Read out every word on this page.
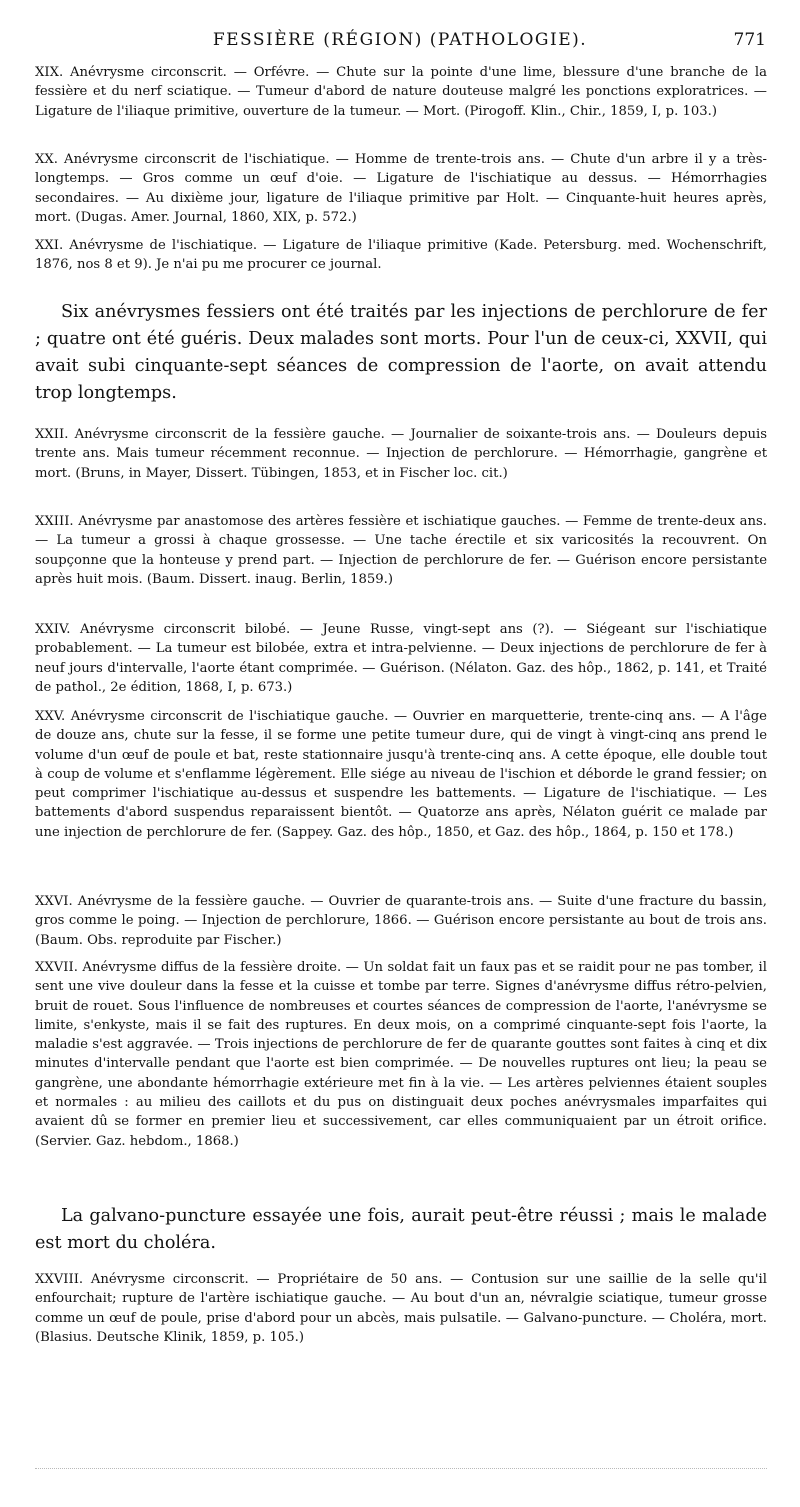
FESSIÈRE (RÉGION) (PATHOLOGIE).	771
XIX. Anévrysme circonscrit. — Orfévre. — Chute sur la pointe d'une lime, blessure d'une branche de la fessière et du nerf sciatique. — Tumeur d'abord de nature douteuse malgré les ponctions exploratrices. — Ligature de l'iliaque primitive, ouverture de la tumeur. — Mort. (Pirogoff. Klin., Chir., 1859, I, p. 103.)
XX. Anévrysme circonscrit de l'ischiatique. — Homme de trente-trois ans. — Chute d'un arbre il y a très-longtemps. — Gros comme un œuf d'oie. — Ligature de l'ischiatique au dessus. — Hémorrhagies secondaires. — Au dixième jour, ligature de l'iliaque primitive par Holt. — Cinquante-huit heures après, mort. (Dugas. Amer. Journal, 1860, XIX, p. 572.)
XXI. Anévrysme de l'ischiatique. — Ligature de l'iliaque primitive (Kade. Petersburg. med. Wochenschrift, 1876, nos 8 et 9). Je n'ai pu me procurer ce journal.
Six anévrysmes fessiers ont été traités par les injections de perchlorure de fer ; quatre ont été guéris. Deux malades sont morts. Pour l'un de ceux-ci, XXVII, qui avait subi cinquante-sept séances de compression de l'aorte, on avait attendu trop longtemps.
XXII. Anévrysme circonscrit de la fessière gauche. — Journalier de soixante-trois ans. — Douleurs depuis trente ans. Mais tumeur récemment reconnue. — Injection de perchlorure. — Hémorrhagie, gangrène et mort. (Bruns, in Mayer, Dissert. Tübingen, 1853, et in Fischer loc. cit.)
XXIII. Anévrysme par anastomose des artères fessière et ischiatique gauches. — Femme de trente-deux ans. — La tumeur a grossi à chaque grossesse. — Une tache érectile et six varicosités la recouvrent. On soupçonne que la honteuse y prend part. — Injection de perchlorure de fer. — Guérison encore persistante après huit mois. (Baum. Dissert. inaug. Berlin, 1859.)
XXIV. Anévrysme circonscrit bilobé. — Jeune Russe, vingt-sept ans (?). — Siégeant sur l'ischiatique probablement. — La tumeur est bilobée, extra et intra-pelvienne. — Deux injections de perchlorure de fer à neuf jours d'intervalle, l'aorte étant comprimée. — Guérison. (Nélaton. Gaz. des hôp., 1862, p. 141, et Traité de pathol., 2e édition, 1868, I, p. 673.)
XXV. Anévrysme circonscrit de l'ischiatique gauche. — Ouvrier en marquetterie, trente-cinq ans. — A l'âge de douze ans, chute sur la fesse, il se forme une petite tumeur dure, qui de vingt à vingt-cinq ans prend le volume d'un œuf de poule et bat, reste stationnaire jusqu'à trente-cinq ans. A cette époque, elle double tout à coup de volume et s'enflamme légèrement. Elle siége au niveau de l'ischion et déborde le grand fessier; on peut comprimer l'ischiatique au-dessus et suspendre les battements. — Ligature de l'ischiatique. — Les battements d'abord suspendus reparaissent bientôt. — Quatorze ans après, Nélaton guérit ce malade par une injection de perchlorure de fer. (Sappey. Gaz. des hôp., 1850, et Gaz. des hôp., 1864, p. 150 et 178.)
XXVI. Anévrysme de la fessière gauche. — Ouvrier de quarante-trois ans. — Suite d'une fracture du bassin, gros comme le poing. — Injection de perchlorure, 1866. — Guérison encore persistante au bout de trois ans. (Baum. Obs. reproduite par Fischer.)
XXVII. Anévrysme diffus de la fessière droite. — Un soldat fait un faux pas et se raidit pour ne pas tomber, il sent une vive douleur dans la fesse et la cuisse et tombe par terre. Signes d'anévrysme diffus rétro-pelvien, bruit de rouet. Sous l'influence de nombreuses et courtes séances de compression de l'aorte, l'anévrysme se limite, s'enkyste, mais il se fait des ruptures. En deux mois, on a comprimé cinquante-sept fois l'aorte, la maladie s'est aggravée. — Trois injections de perchlorure de fer de quarante gouttes sont faites à cinq et dix minutes d'intervalle pendant que l'aorte est bien comprimée. — De nouvelles ruptures ont lieu; la peau se gangrène, une abondante hémorrhagie extérieure met fin à la vie. — Les artères pelviennes étaient souples et normales : au milieu des caillots et du pus on distinguait deux poches anévrysmales imparfaites qui avaient dû se former en premier lieu et successivement, car elles communiquaient par un étroit orifice. (Servier. Gaz. hebdom., 1868.)
La galvano-puncture essayée une fois, aurait peut-être réussi ; mais le malade est mort du choléra.
XXVIII. Anévrysme circonscrit. — Propriétaire de 50 ans. — Contusion sur une saillie de la selle qu'il enfourchait; rupture de l'artère ischiatique gauche. — Au bout d'un an, névralgie sciatique, tumeur grosse comme un œuf de poule, prise d'abord pour un abcès, mais pulsatile. — Galvano-puncture. — Choléra, mort. (Blasius. Deutsche Klinik, 1859, p. 105.)
